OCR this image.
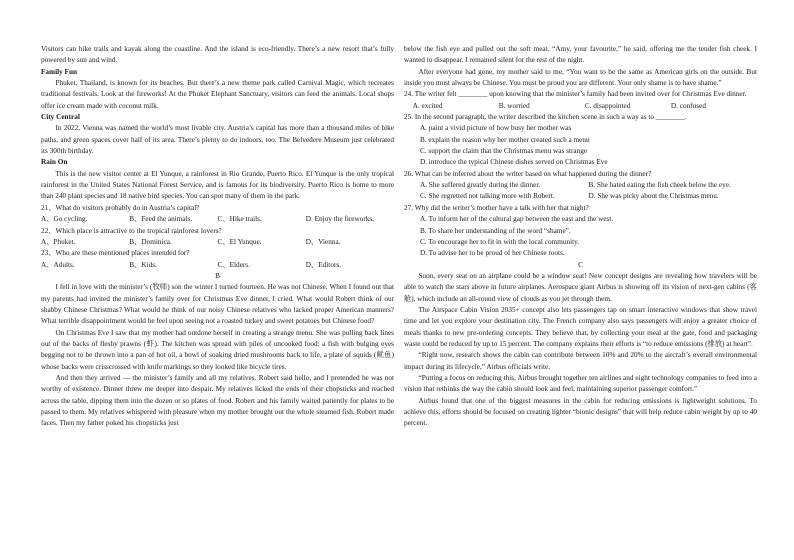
Visitors can hike trails and kayak along the coastline. And the island is eco-friendly. There’s a new resort that’s fully powered by sun and wind.

Family Fun

Phuket, Thailand, is known for its beaches. But there’s a new theme park called Carnival Magic, which recreates traditional festivals. Look at the fireworks! At the Phuket Elephant Sanctuary, visitors can feed the animals. Local shops offer ice cream made with coconut milk.

City Central

In 2022, Vienna was named the world’s most livable city. Austria’s capital has more than a thousand miles of bike paths, and green spaces cover half of its area. There’s plenty to do indoors, too. The Belvedere Museum just celebrated its 300th birthday.

Rain On

This is the new visitor center at El Yunque, a rainforest in Rio Grande, Puerto Rico. El Yunque is the only tropical rainforest in the United States National Forest Service, and is famous for its biodiversity. Puerto Rico is home to more than 240 plant species and 18 native bird species. You can spot many of them in the park.

21、What do visitors probably do in Austria’s capital?

A、Go cycling.	B、Feed the animals.	C、Hike trails.	D. Enjoy the fireworks.

22、Which place is attractive to the tropical rainforest lovers?

A、Phuket.	B、Dominica.	C、El Yunque.	D、Vienna.

23、Who are these mentioned places intended for?

A、Adults.	B、Kids.	C、Elders.	D、Editors.

B

I fell in love with the minister’s (牧师) son the winter I turned fourteen. He was not Chinese. When I found out that my parents had invited the minister’s family over for Christmas Eve dinner, I cried. What would Robert think of our shabby Chinese Christmas? What would he think of our noisy Chinese relatives who lacked proper American manners? What terrible disappointment would he feel upon seeing not a roasted turkey and sweet potatoes but Chinese food?

On Christmas Eve I saw that my mother had outdone herself in creating a strange menu. She was pulling back lines out of the backs of fleshy prawns (虾). The kitchen was spread with piles of uncooked food: a fish with bulging eyes begging not to be thrown into a pan of hot oil, a bowl of soaking dried mushrooms back to life, a plate of squids (鱿鱼) whose backs were crisscrossed with knife markings so they looked like bicycle tires.

And then they arrived — the minister’s family and all my relatives. Robert said hello, and I pretended he was not worthy of existence. Dinner threw me deeper into despair. My relatives licked the ends of their chopsticks and reached across the table, dipping them into the dozen or so plates of food. Robert and his family waited patiently for plates to be passed to them. My relatives whispered with pleasure when my mother brought out the whole steamed fish. Robert made faces. Then my father poked his chopsticks just

below the fish eye and pulled out the soft meat. “Amy, your favourite,” he said, offering me the tender fish cheek. I wanted to disappear. I remained silent for the rest of the night.

After everyone had gone, my mother said to me, “You want to be the same as American girls on the outside. But inside you must always be Chinese. You must be proud you are different. Your only shame is to have shame.”

24. The writer felt ________ upon knowing that the minister’s family had been invited over for Christmas Eve dinner.

A. excited	B. worried	C. disappointed	D. confused

25. In the second paragraph, the writer described the kitchen scene in such a way as to ________.

A. paint a vivid picture of how busy her mother was

B. explain the reason why her mother created such a menu

C. support the claim that the Christmas menu was strange

D. introduce the typical Chinese dishes served on Christmas Eve

26. What can be inferred about the writer based on what happened during the dinner?

A. She suffered greatly during the dinner.	B. She hated eating the fish cheek below the eye.
C. She regretted not talking more with Robert.	D. She was picky about the Christmas menu.

27. Why did the writer’s mother have a talk with her that night?

A. To inform her of the cultural gap between the east and the west.

B. To share her understanding of the word “shame”.

C. To encourage her to fit in with the local community.

D. To advise her to be proud of her Chinese roots.

C

Soon, every seat on an airplane could be a window seat! New concept designs are revealing how travelers will be able to watch the stars above in future airplanes. Aerospace giant Airbus is showing off its vision of next-gen cabins (客舱), which include an all-round view of clouds as you jet through them.

The Airspace Cabin Vision 2035+ concept also lets passengers tap on smart interactive windows that show travel time and let you explore your destination city. The French company also says passengers will enjoy a greater choice of meals thanks to new pre-ordering concepts. They believe that, by collecting your meal at the gate, food and packaging waste could be reduced by up to 15 percent. The company explains their efforts is “to reduce emissions (排放) at heart”.

“Right now, research shows the cabin can contribute between 10% and 20% to the aircraft’s overall environmental impact during its lifecycle,” Airbus officials write.

“Putting a focus on reducing this, Airbus brought together ten airlines and eight technology companies to feed into a vision that rethinks the way the cabin should look and feel, maintaining superior passenger comfort.”

Airbus found that one of the biggest measures in the cabin for reducing emissions is lightweight solutions. To achieve this, efforts should be focused on creating lighter “bionic designs” that will help reduce cabin weight by up to 40 percent.
